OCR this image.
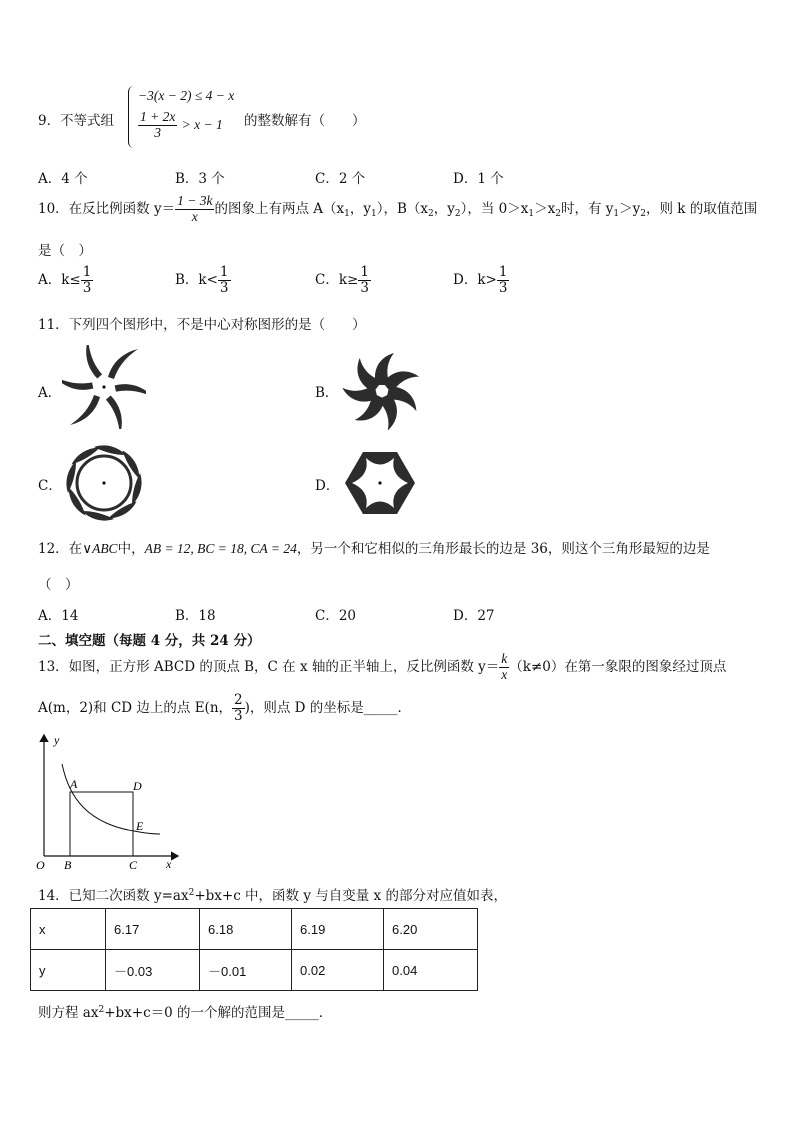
9． 不等式组
−3(x − 2) ≤ 4 − x
$\frac{1 + 2x}{3} > x - 1$ 的整数解有（　　）
A．4 个	B．3 个	C．2 个	D．1 个
10．在反比例函数 $y= \frac{1 - 3k}{x}$ 的图象上有两点 $A(x_1$，$y_1$），$B(x_2$，$y_2$），当 $0>x_1>x_2$时，有 $y_1>y_2$，则 k 的取值范围
是（　）
A．$k\le \frac{1}{3}$	B．$k< \frac{1}{3}$	C．$k\ge \frac{1}{3}$	D．$k> \frac{1}{3}$
11．下列四个图形中，不是中心对称图形的是（　　）
A．	B．
C．	D．
12．在∨ABC中，AB = 12, BC = 18, CA = 24，另一个和它相似的三角形最长的边是 36，则这个三角形最短的边是
（　）
A．14	B．18	C．20	D．27
二、填空题（每题 4 分，共 24 分）
13．如图，正方形 ABCD 的顶点 B，C 在 x 轴的正半轴上，反比例函数 $y= \frac{k}{x} (k\ne 0)$在第一象限的图象经过顶点
A(m，2)和 CD 边上的点 E(n， $\frac{2}{3}$ )，则点 D 的坐标是_____．
y
x
O
A
B	C
D
E
14．已知二次函数 $y=ax^2+bx+c$ 中，函数 y 与自变量 x 的部分对应值如表，
x	6.17	6.18	6.19	6.20
y	－0.03	－0.01	0.02	0.04
则方程 $ax^2+bx+c=0$ 的一个解的范围是_____．
